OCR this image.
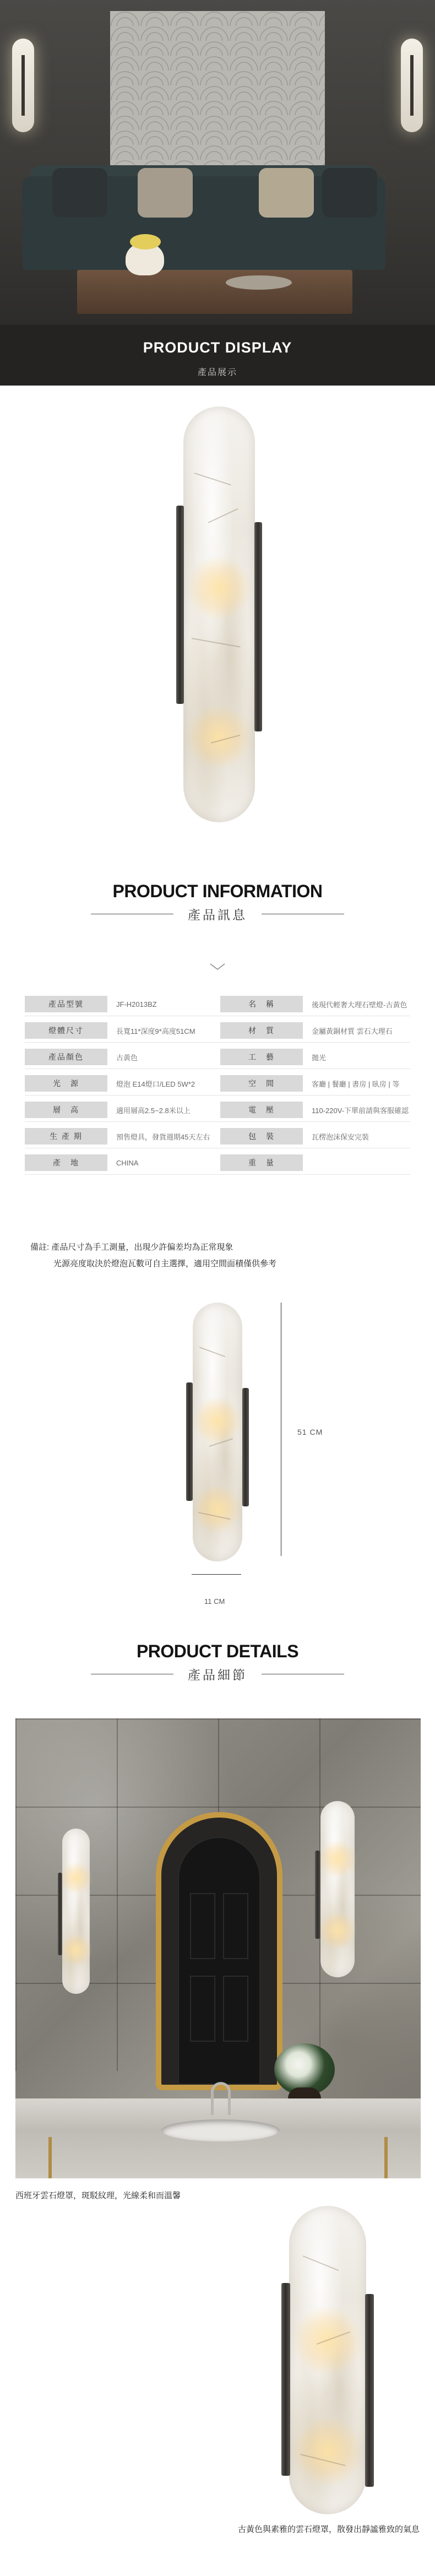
PRODUCT DISPLAY
產品展示
PRODUCT INFORMATION
產品訊息
產品型號	JF-H2013BZ	名　稱	後現代輕奢大理石壁燈-古黃色
燈體尺寸	長寬11*深度9*高度51CM	材　質	金屬黃銅材質 雲石大理石
產品顏色	古黃色	工　藝	拋光
光　源	燈泡 E14燈口/LED 5W*2	空　間	客廳 | 餐廳 | 書房 | 臥房 | 等
層　高	適用層高2.5~2.8米以上	電　壓	110-220V-下單前請與客服確認
生 產 期	預售燈具，發貨週期45天左右	包　裝	瓦楞泡沫保安完裝
產　地	CHINA	重　量
備註: 產品尺寸為手工測量，出現少許偏差均為正常現象
光源亮度取決於燈泡瓦數可自主選擇，適用空間面積僅供參考
51 CM
11 CM
PRODUCT DETAILS
產品細節
西班牙雲石燈罩，斑駁紋理，光線柔和而溫馨
古黃色與素雅的雲石燈罩，散發出靜謐雅致的氣息
